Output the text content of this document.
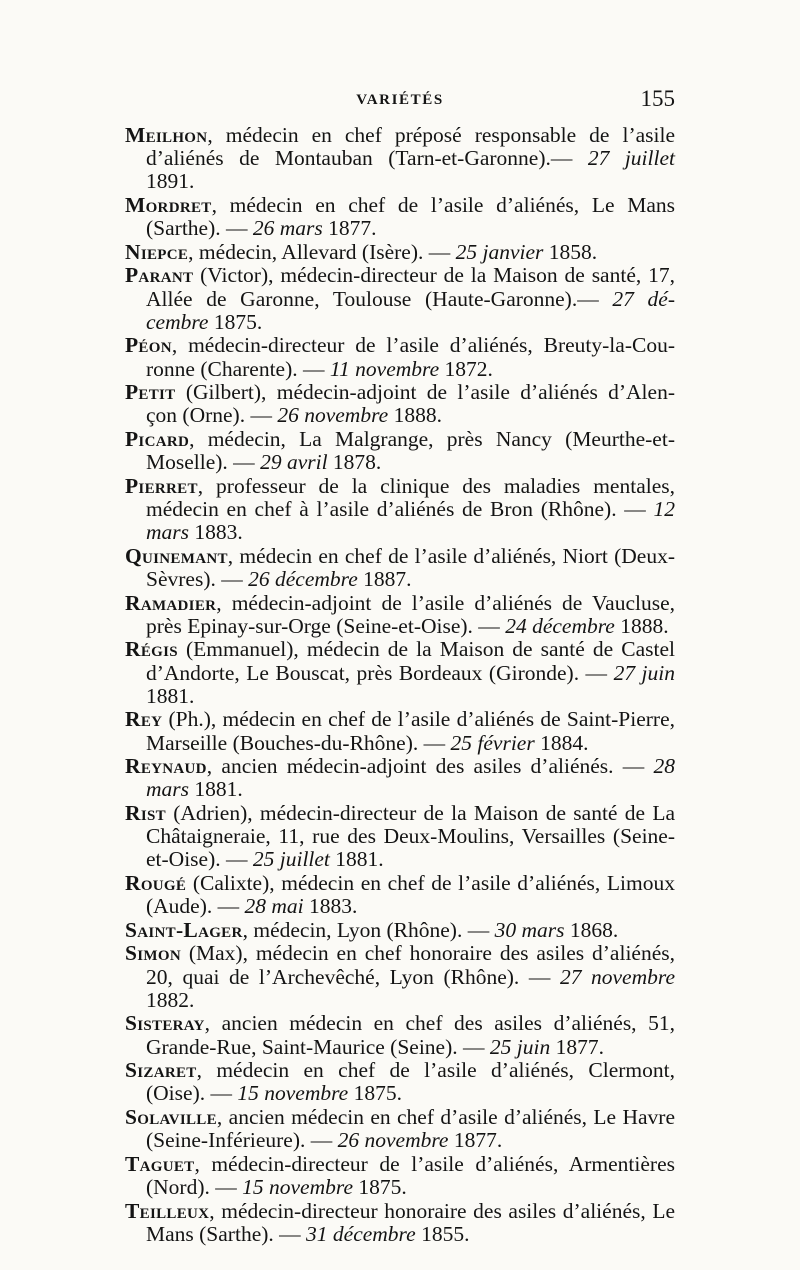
VARIÉTÉS	155

Meilhon, médecin en chef préposé responsable de l’asile d’aliénés de Montauban (Tarn-et-Garonne).— 27 juillet 1891.

Mordret, médecin en chef de l’asile d’aliénés, Le Mans (Sarthe). — 26 mars 1877.

Niepce, médecin, Allevard (Isère). — 25 janvier 1858.

Parant (Victor), médecin-directeur de la Maison de santé, 17, Allée de Garonne, Toulouse (Haute-Garonne).— 27 dé-cembre 1875.

Péon, médecin-directeur de l’asile d’aliénés, Breuty-la-Cou-ronne (Charente). — 11 novembre 1872.

Petit (Gilbert), médecin-adjoint de l’asile d’aliénés d’Alen-çon (Orne). — 26 novembre 1888.

Picard, médecin, La Malgrange, près Nancy (Meurthe-et-Moselle). — 29 avril 1878.

Pierret, professeur de la clinique des maladies mentales, médecin en chef à l’asile d’aliénés de Bron (Rhône). — 12 mars 1883.

Quinemant, médecin en chef de l’asile d’aliénés, Niort (Deux-Sèvres). — 26 décembre 1887.

Ramadier, médecin-adjoint de l’asile d’aliénés de Vaucluse, près Epinay-sur-Orge (Seine-et-Oise). — 24 décembre 1888.

Régis (Emmanuel), médecin de la Maison de santé de Castel d’Andorte, Le Bouscat, près Bordeaux (Gironde). — 27 juin 1881.

Rey (Ph.), médecin en chef de l’asile d’aliénés de Saint-Pierre, Marseille (Bouches-du-Rhône). — 25 février 1884.

Reynaud, ancien médecin-adjoint des asiles d’aliénés. — 28 mars 1881.

Rist (Adrien), médecin-directeur de la Maison de santé de La Châtaigneraie, 11, rue des Deux-Moulins, Versailles (Seine-et-Oise). — 25 juillet 1881.

Rougé (Calixte), médecin en chef de l’asile d’aliénés, Limoux (Aude). — 28 mai 1883.

Saint-Lager, médecin, Lyon (Rhône). — 30 mars 1868.

Simon (Max), médecin en chef honoraire des asiles d’aliénés, 20, quai de l’Archevêché, Lyon (Rhône). — 27 novembre 1882.

Sisteray, ancien médecin en chef des asiles d’aliénés, 51, Grande-Rue, Saint-Maurice (Seine). — 25 juin 1877.

Sizaret, médecin en chef de l’asile d’aliénés, Clermont, (Oise). — 15 novembre 1875.

Solaville, ancien médecin en chef d’asile d’aliénés, Le Havre (Seine-Inférieure). — 26 novembre 1877.

Taguet, médecin-directeur de l’asile d’aliénés, Armentières (Nord). — 15 novembre 1875.

Teilleux, médecin-directeur honoraire des asiles d’aliénés, Le Mans (Sarthe). — 31 décembre 1855.
